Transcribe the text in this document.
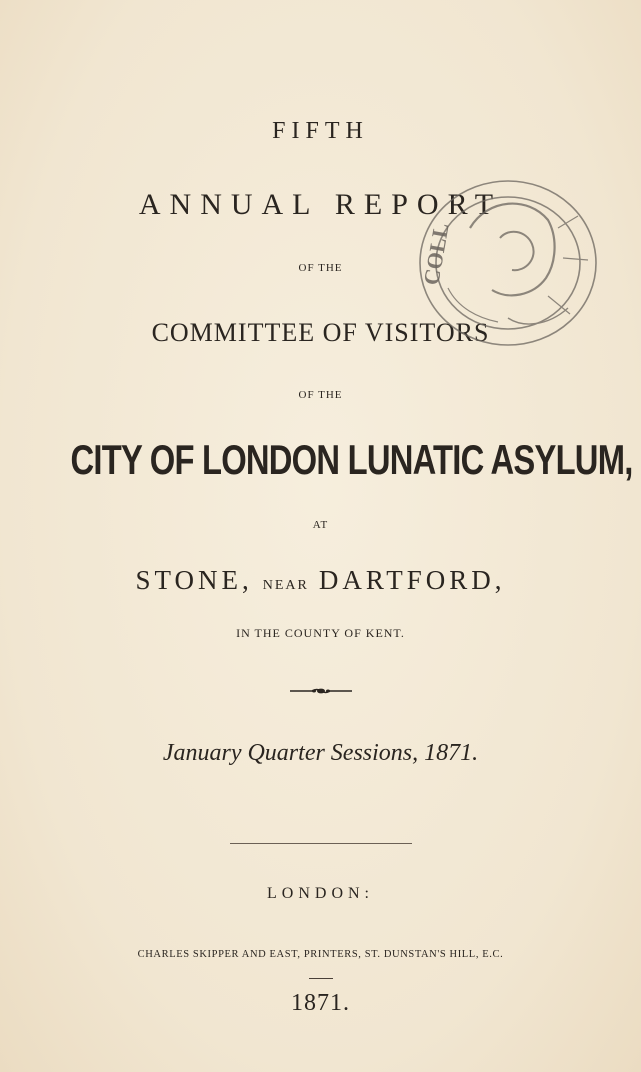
FIFTH
ANNUAL REPORT
OF THE
COMMITTEE OF VISITORS
OF THE
CITY OF LONDON LUNATIC ASYLUM,
AT
STONE, NEAR DARTFORD,
IN THE COUNTY OF KENT.
January Quarter Sessions, 1871.
LONDON:
CHARLES SKIPPER AND EAST, PRINTERS, ST. DUNSTAN'S HILL, E.C.
1871.
COLL
